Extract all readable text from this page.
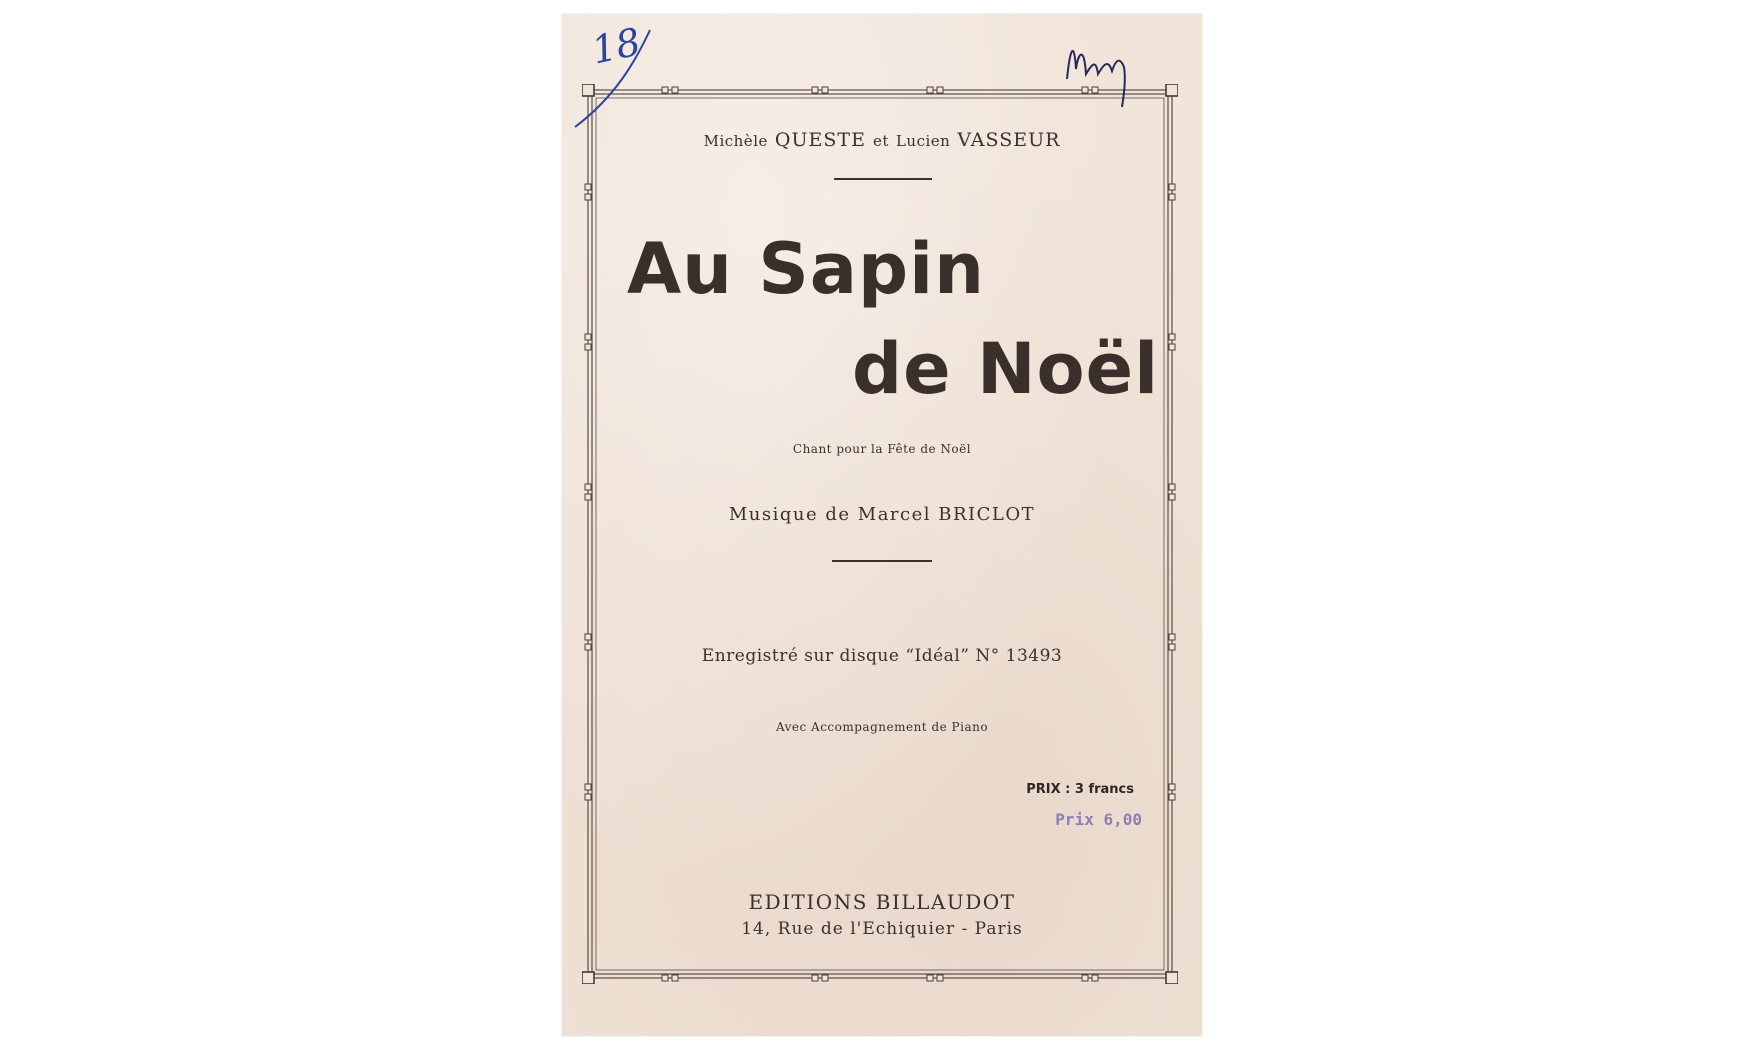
18
Michèle QUESTE et Lucien VASSEUR
Au Sapin
de Noël
Chant pour la Fête de Noël
Musique de Marcel BRICLOT
Enregistré sur disque “Idéal” N° 13493
Avec Accompagnement de Piano
PRIX : 3 francs
Prix 6,00
EDITIONS BILLAUDOT
14, Rue de l'Echiquier - Paris
